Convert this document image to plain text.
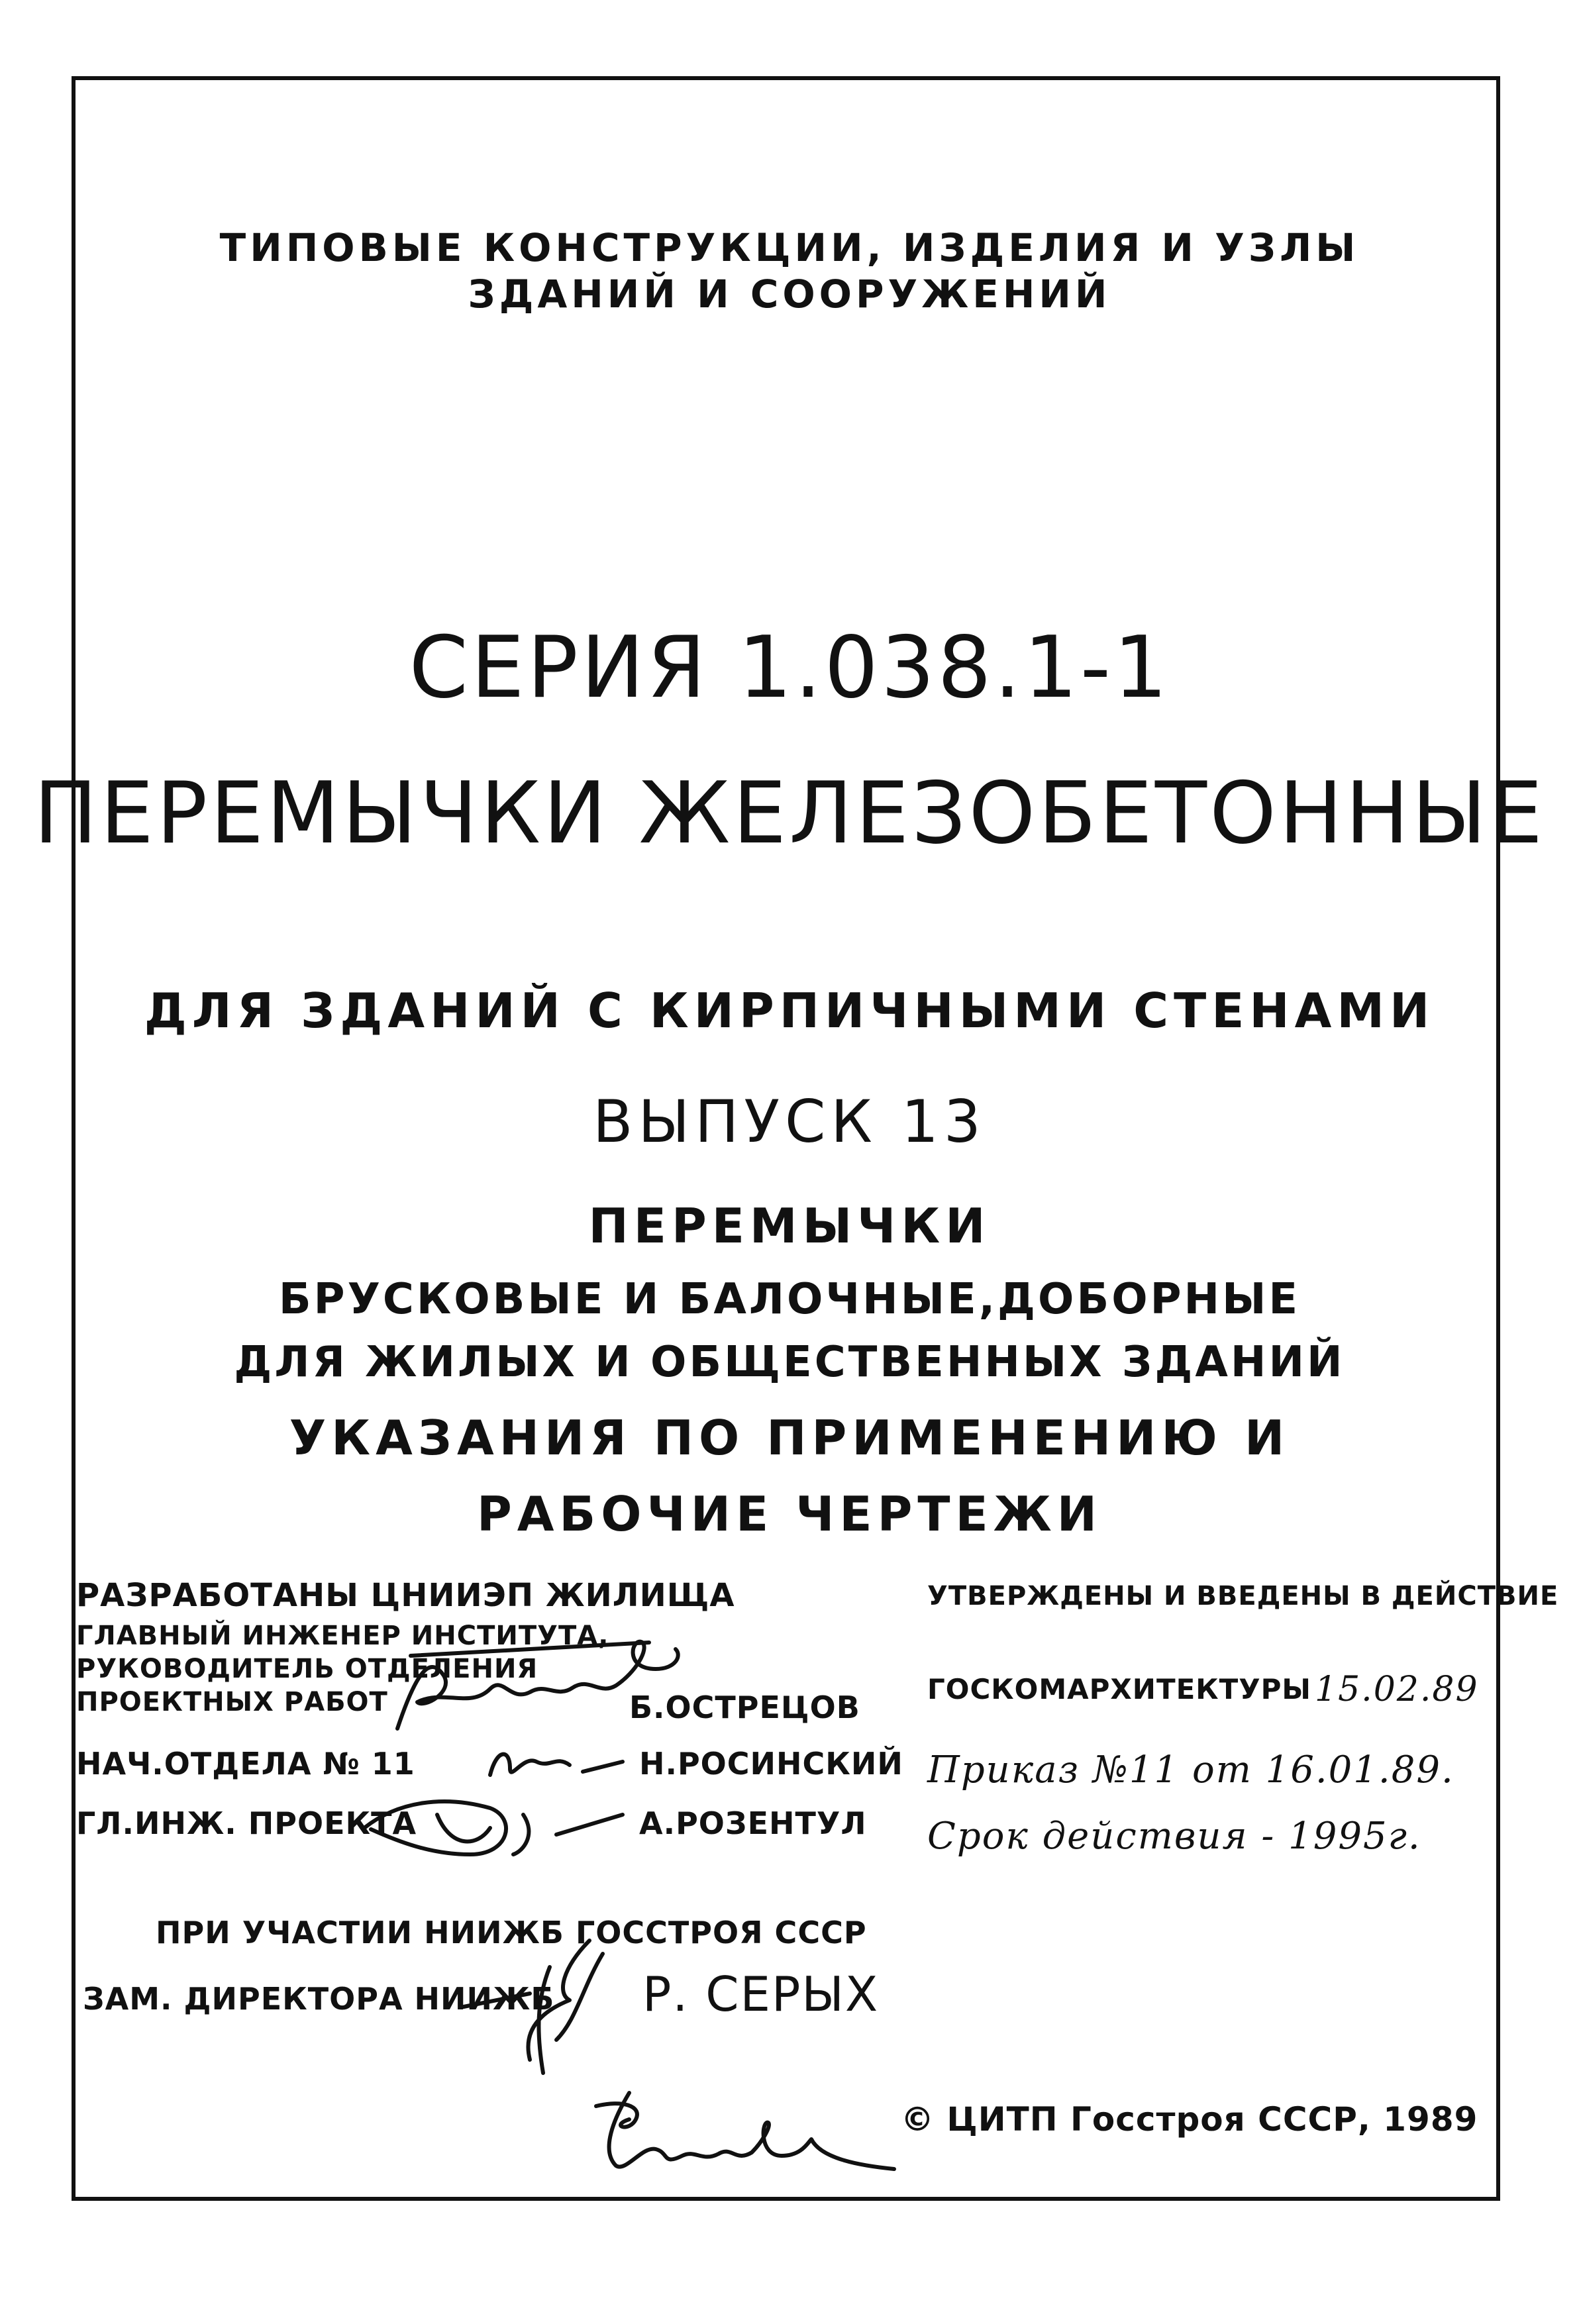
ТИПОВЫЕ КОНСТРУКЦИИ, ИЗДЕЛИЯ И УЗЛЫ
ЗДАНИЙ И СООРУЖЕНИЙ
СЕРИЯ 1.038.1-1
ПЕРЕМЫЧКИ ЖЕЛЕЗОБЕТОННЫЕ
ДЛЯ ЗДАНИЙ С КИРПИЧНЫМИ СТЕНАМИ
ВЫПУСК 13
ПЕРЕМЫЧКИ
БРУСКОВЫЕ И БАЛОЧНЫЕ,ДОБОРНЫЕ
ДЛЯ ЖИЛЫХ И ОБЩЕСТВЕННЫХ ЗДАНИЙ
УКАЗАНИЯ ПО ПРИМЕНЕНИЮ И
РАБОЧИЕ ЧЕРТЕЖИ
РАЗРАБОТАНЫ ЦНИИЭП ЖИЛИЩА
ГЛАВНЫЙ ИНЖЕНЕР ИНСТИТУТА,
РУКОВОДИТЕЛЬ ОТДЕЛЕНИЯ
ПРОЕКТНЫХ РАБОТ	Б.ОСТРЕЦОВ
НАЧ.ОТДЕЛА № 11	Н.РОСИНСКИЙ
ГЛ.ИНЖ. ПРОЕКТА	А.РОЗЕНТУЛ
УТВЕРЖДЕНЫ И ВВЕДЕНЫ В ДЕЙСТВИЕ
ГОСКОМАРХИТЕКТУРЫ 15.02.89
Приказ №11 от 16.01.89.
Срок действия - 1995г.
ПРИ УЧАСТИИ НИИЖБ ГОССТРОЯ СССР
ЗАМ. ДИРЕКТОРА НИИЖБ Р. СЕРЫХ
© ЦИТП Госстроя СССР, 1989
